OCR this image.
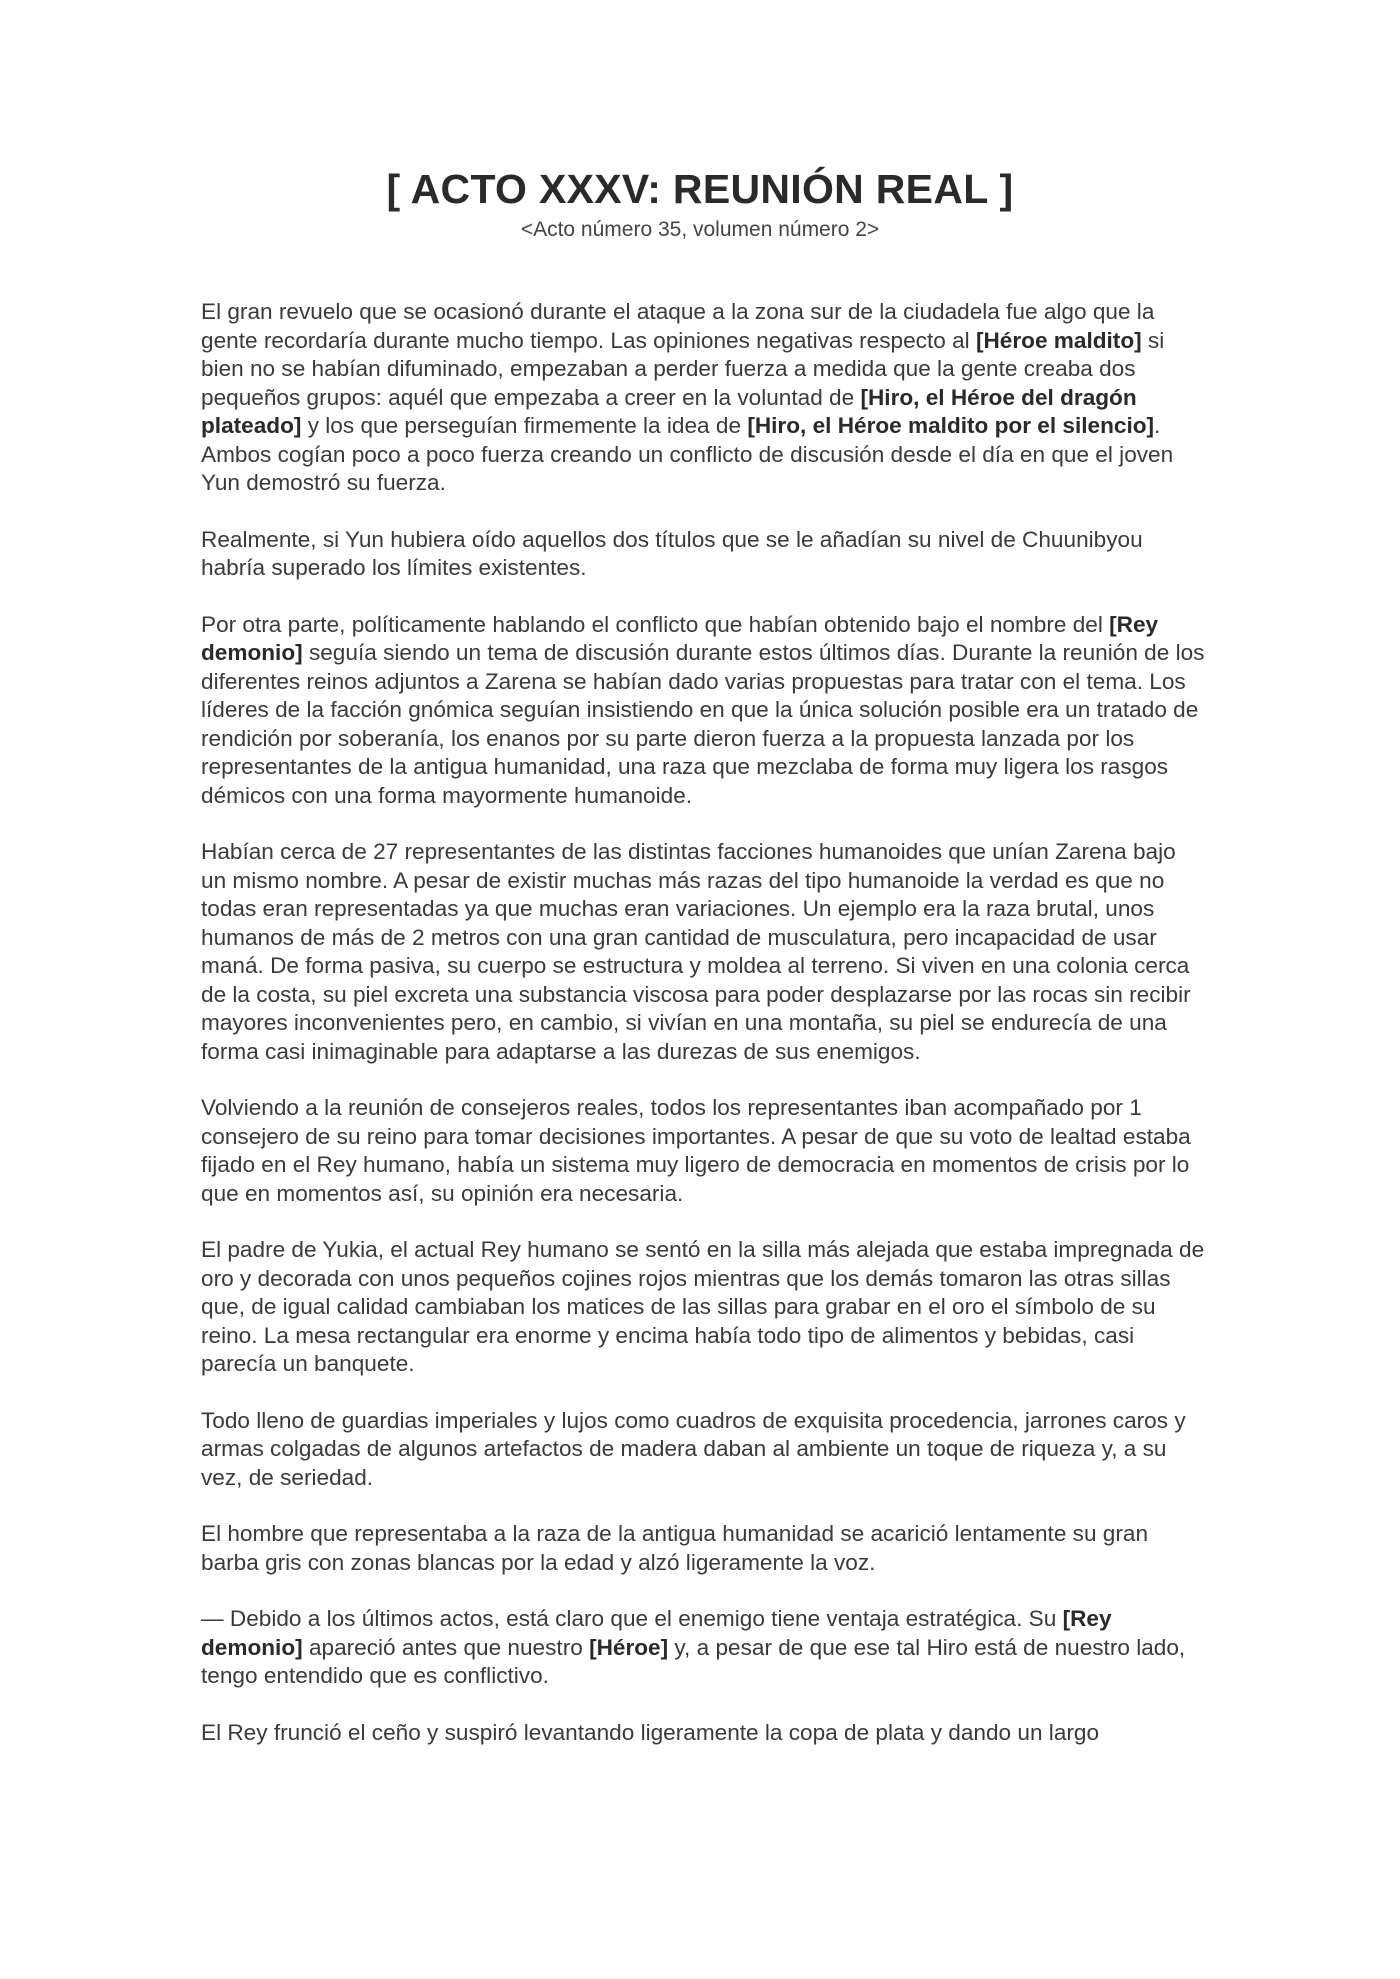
[ ACTO XXXV: REUNIÓN REAL ]
<Acto número 35, volumen número 2>

El gran revuelo que se ocasionó durante el ataque a la zona sur de la ciudadela fue algo que la gente recordaría durante mucho tiempo. Las opiniones negativas respecto al [Héroe maldito] si bien no se habían difuminado, empezaban a perder fuerza a medida que la gente creaba dos pequeños grupos: aquél que empezaba a creer en la voluntad de [Hiro, el Héroe del dragón plateado] y los que perseguían firmemente la idea de [Hiro, el Héroe maldito por el silencio]. Ambos cogían poco a poco fuerza creando un conflicto de discusión desde el día en que el joven Yun demostró su fuerza.

Realmente, si Yun hubiera oído aquellos dos títulos que se le añadían su nivel de Chuunibyou habría superado los límites existentes.

Por otra parte, políticamente hablando el conflicto que habían obtenido bajo el nombre del [Rey demonio] seguía siendo un tema de discusión durante estos últimos días. Durante la reunión de los diferentes reinos adjuntos a Zarena se habían dado varias propuestas para tratar con el tema. Los líderes de la facción gnómica seguían insistiendo en que la única solución posible era un tratado de rendición por soberanía, los enanos por su parte dieron fuerza a la propuesta lanzada por los representantes de la antigua humanidad, una raza que mezclaba de forma muy ligera los rasgos démicos con una forma mayormente humanoide.

Habían cerca de 27 representantes de las distintas facciones humanoides que unían Zarena bajo un mismo nombre. A pesar de existir muchas más razas del tipo humanoide la verdad es que no todas eran representadas ya que muchas eran variaciones. Un ejemplo era la raza brutal, unos humanos de más de 2 metros con una gran cantidad de musculatura, pero incapacidad de usar maná. De forma pasiva, su cuerpo se estructura y moldea al terreno. Si viven en una colonia cerca de la costa, su piel excreta una substancia viscosa para poder desplazarse por las rocas sin recibir mayores inconvenientes pero, en cambio, si vivían en una montaña, su piel se endurecía de una forma casi inimaginable para adaptarse a las durezas de sus enemigos.

Volviendo a la reunión de consejeros reales, todos los representantes iban acompañado por 1 consejero de su reino para tomar decisiones importantes. A pesar de que su voto de lealtad estaba fijado en el Rey humano, había un sistema muy ligero de democracia en momentos de crisis por lo que en momentos así, su opinión era necesaria.

El padre de Yukia, el actual Rey humano se sentó en la silla más alejada que estaba impregnada de oro y decorada con unos pequeños cojines rojos mientras que los demás tomaron las otras sillas que, de igual calidad cambiaban los matices de las sillas para grabar en el oro el símbolo de su reino. La mesa rectangular era enorme y encima había todo tipo de alimentos y bebidas, casi parecía un banquete.

Todo lleno de guardias imperiales y lujos como cuadros de exquisita procedencia, jarrones caros y armas colgadas de algunos artefactos de madera daban al ambiente un toque de riqueza y, a su vez, de seriedad.

El hombre que representaba a la raza de la antigua humanidad se acarició lentamente su gran barba gris con zonas blancas por la edad y alzó ligeramente la voz.

— Debido a los últimos actos, está claro que el enemigo tiene ventaja estratégica. Su [Rey demonio] apareció antes que nuestro [Héroe] y, a pesar de que ese tal Hiro está de nuestro lado, tengo entendido que es conflictivo.

El Rey frunció el ceño y suspiró levantando ligeramente la copa de plata y dando un largo
